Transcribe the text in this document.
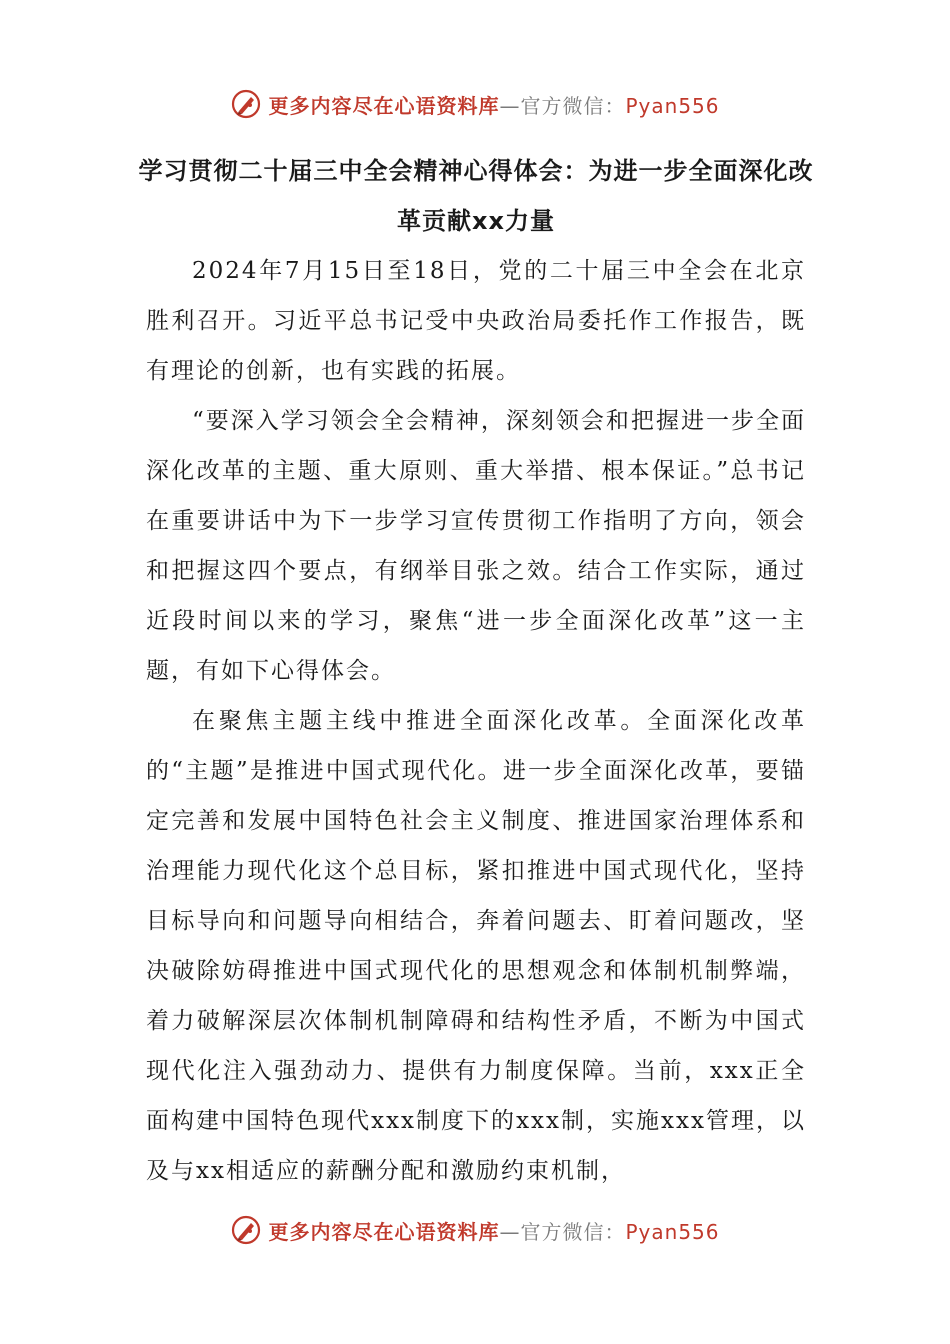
更多内容尽在心语资料库—官方微信：Pyan556
学习贯彻二十届三中全会精神心得体会：为进一步全面深化改革贡献xx力量

2024年7月15日至18日，党的二十届三中全会在北京胜利召开。习近平总书记受中央政治局委托作工作报告，既有理论的创新，也有实践的拓展。

“要深入学习领会全会精神，深刻领会和把握进一步全面深化改革的主题、重大原则、重大举措、根本保证。”总书记在重要讲话中为下一步学习宣传贯彻工作指明了方向，领会和把握这四个要点，有纲举目张之效。结合工作实际，通过近段时间以来的学习，聚焦“进一步全面深化改革”这一主题，有如下心得体会。

在聚焦主题主线中推进全面深化改革。全面深化改革的“主题”是推进中国式现代化。进一步全面深化改革，要锚定完善和发展中国特色社会主义制度、推进国家治理体系和治理能力现代化这个总目标，紧扣推进中国式现代化，坚持目标导向和问题导向相结合，奔着问题去、盯着问题改，坚决破除妨碍推进中国式现代化的思想观念和体制机制弊端，着力破解深层次体制机制障碍和结构性矛盾，不断为中国式现代化注入强劲动力、提供有力制度保障。当前，xxx正全面构建中国特色现代xxx制度下的xxx制，实施xxx管理，以及与xx相适应的薪酬分配和激励约束机制，

更多内容尽在心语资料库—官方微信：Pyan556
